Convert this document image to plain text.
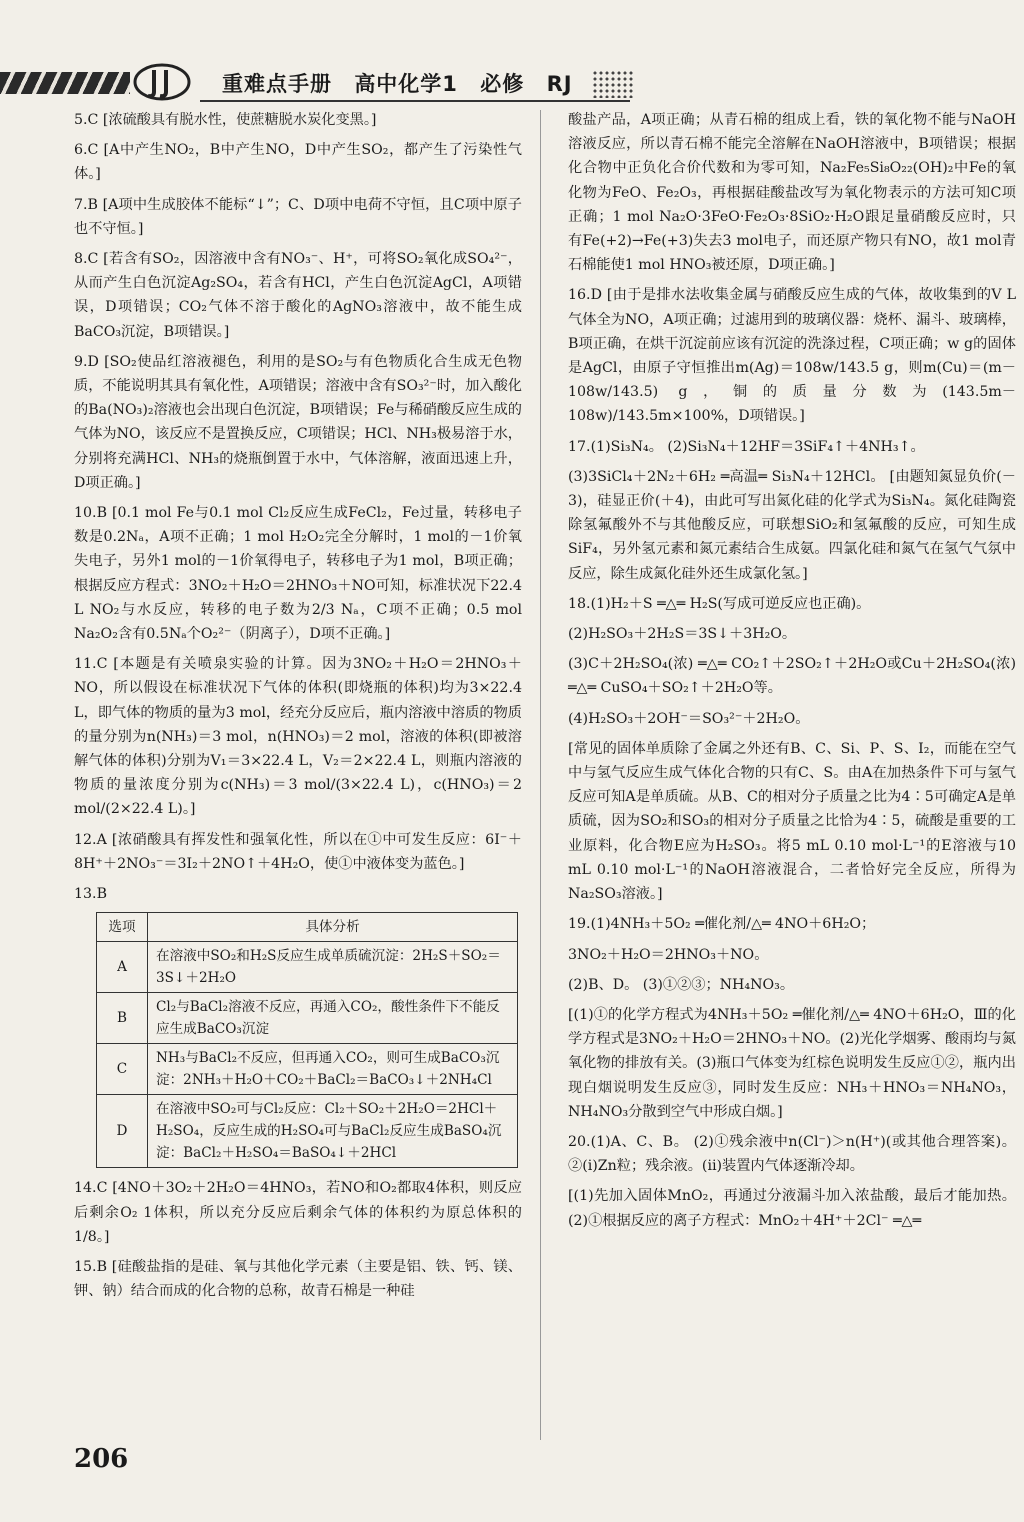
重难点手册 高中化学1 必修 RJ

5.C [浓硫酸具有脱水性，使蔗糖脱水炭化变黑。]

6.C [A中产生NO₂，B中产生NO，D中产生SO₂，都产生了污染性气体。]

7.B [A项中生成胶体不能标“↓”；C、D项中电荷不守恒，且C项中原子也不守恒。]

8.C [若含有SO₂，因溶液中含有NO₃⁻、H⁺，可将SO₂氧化成SO₄²⁻，从而产生白色沉淀Ag₂SO₄，若含有HCl，产生白色沉淀AgCl，A项错误，D项错误；CO₂气体不溶于酸化的AgNO₃溶液中，故不能生成BaCO₃沉淀，B项错误。]

9.D [SO₂使品红溶液褪色，利用的是SO₂与有色物质化合生成无色物质，不能说明其具有氧化性，A项错误；溶液中含有SO₃²⁻时，加入酸化的Ba(NO₃)₂溶液也会出现白色沉淀，B项错误；Fe与稀硝酸反应生成的气体为NO，该反应不是置换反应，C项错误；HCl、NH₃极易溶于水，分别将充满HCl、NH₃的烧瓶倒置于水中，气体溶解，液面迅速上升，D项正确。]

10.B [0.1 mol Fe与0.1 mol Cl₂反应生成FeCl₂，Fe过量，转移电子数是0.2Nₐ，A项不正确；1 mol H₂O₂完全分解时，1 mol的－1价氧失电子，另外1 mol的－1价氧得电子，转移电子为1 mol，B项正确；根据反应方程式：3NO₂＋H₂O＝2HNO₃＋NO可知，标准状况下22.4 L NO₂与水反应，转移的电子数为2/3 Nₐ，C项不正确；0.5 mol Na₂O₂含有0.5Nₐ个O₂²⁻（阴离子），D项不正确。]

11.C [本题是有关喷泉实验的计算。因为3NO₂＋H₂O＝2HNO₃＋NO，所以假设在标准状况下气体的体积(即烧瓶的体积)均为3×22.4 L，即气体的物质的量为3 mol，经充分反应后，瓶内溶液中溶质的物质的量分别为n(NH₃)＝3 mol，n(HNO₃)＝2 mol，溶液的体积(即被溶解气体的体积)分别为V₁＝3×22.4 L，V₂＝2×22.4 L，则瓶内溶液的物质的量浓度分别为c(NH₃)＝3 mol/(3×22.4 L)，c(HNO₃)＝2 mol/(2×22.4 L)。]

12.A [浓硝酸具有挥发性和强氧化性，所以在①中可发生反应：6I⁻＋8H⁺＋2NO₃⁻＝3I₂＋2NO↑＋4H₂O，使①中液体变为蓝色。]

13.B

选项	具体分析
A	在溶液中SO₂和H₂S反应生成单质硫沉淀：2H₂S＋SO₂＝3S↓＋2H₂O
B	Cl₂与BaCl₂溶液不反应，再通入CO₂，酸性条件下不能反应生成BaCO₃沉淀
C	NH₃与BaCl₂不反应，但再通入CO₂，则可生成BaCO₃沉淀：2NH₃＋H₂O＋CO₂＋BaCl₂＝BaCO₃↓＋2NH₄Cl
D	在溶液中SO₂可与Cl₂反应：Cl₂＋SO₂＋2H₂O＝2HCl＋H₂SO₄，反应生成的H₂SO₄可与BaCl₂反应生成BaSO₄沉淀：BaCl₂＋H₂SO₄＝BaSO₄↓＋2HCl

14.C [4NO＋3O₂＋2H₂O＝4HNO₃，若NO和O₂都取4体积，则反应后剩余O₂ 1体积，所以充分反应后剩余气体的体积约为原总体积的1/8。]

15.B [硅酸盐指的是硅、氧与其他化学元素（主要是铝、铁、钙、镁、钾、钠）结合而成的化合物的总称，故青石棉是一种硅

酸盐产品，A项正确；从青石棉的组成上看，铁的氧化物不能与NaOH溶液反应，所以青石棉不能完全溶解在NaOH溶液中，B项错误；根据化合物中正负化合价代数和为零可知，Na₂Fe₅Si₈O₂₂(OH)₂中Fe的氧化物为FeO、Fe₂O₃，再根据硅酸盐改写为氧化物表示的方法可知C项正确；1 mol Na₂O·3FeO·Fe₂O₃·8SiO₂·H₂O跟足量硝酸反应时，只有Fe(+2)→Fe(+3)失去3 mol电子，而还原产物只有NO，故1 mol青石棉能使1 mol HNO₃被还原，D项正确。]

16.D [由于是排水法收集金属与硝酸反应生成的气体，故收集到的V L气体全为NO，A项正确；过滤用到的玻璃仪器：烧杯、漏斗、玻璃棒，B项正确，在烘干沉淀前应该有沉淀的洗涤过程，C项正确；w g的固体是AgCl，由原子守恒推出m(Ag)＝108w/143.5 g，则m(Cu)＝(m－108w/143.5) g，铜的质量分数为(143.5m－108w)/143.5m×100%，D项错误。]

17.(1)Si₃N₄。 (2)Si₃N₄＋12HF＝3SiF₄↑＋4NH₃↑。

(3)3SiCl₄＋2N₂＋6H₂ ═高温═ Si₃N₄＋12HCl。 [由题知氮显负价(－3)，硅显正价(＋4)，由此可写出氮化硅的化学式为Si₃N₄。氮化硅陶瓷除氢氟酸外不与其他酸反应，可联想SiO₂和氢氟酸的反应，可知生成SiF₄，另外氢元素和氮元素结合生成氨。四氯化硅和氮气在氢气气氛中反应，除生成氮化硅外还生成氯化氢。]

18.(1)H₂＋S ═△═ H₂S(写成可逆反应也正确)。

(2)H₂SO₃＋2H₂S＝3S↓＋3H₂O。

(3)C＋2H₂SO₄(浓) ═△═ CO₂↑＋2SO₂↑＋2H₂O或Cu＋2H₂SO₄(浓) ═△═ CuSO₄＋SO₂↑＋2H₂O等。

(4)H₂SO₃＋2OH⁻＝SO₃²⁻＋2H₂O。

[常见的固体单质除了金属之外还有B、C、Si、P、S、I₂，而能在空气中与氢气反应生成气体化合物的只有C、S。由A在加热条件下可与氢气反应可知A是单质硫。从B、C的相对分子质量之比为4∶5可确定A是单质硫，因为SO₂和SO₃的相对分子质量之比恰为4∶5，硫酸是重要的工业原料，化合物E应为H₂SO₃。将5 mL 0.10 mol·L⁻¹的E溶液与10 mL 0.10 mol·L⁻¹的NaOH溶液混合，二者恰好完全反应，所得为Na₂SO₃溶液。]

19.(1)4NH₃＋5O₂ ═催化剂/△═ 4NO＋6H₂O；

3NO₂＋H₂O＝2HNO₃＋NO。

(2)B、D。 (3)①②③；NH₄NO₃。

[(1)①的化学方程式为4NH₃＋5O₂ ═催化剂/△═ 4NO＋6H₂O，Ⅲ的化学方程式是3NO₂＋H₂O＝2HNO₃＋NO。(2)光化学烟雾、酸雨均与氮氧化物的排放有关。(3)瓶口气体变为红棕色说明发生反应①②，瓶内出现白烟说明发生反应③，同时发生反应：NH₃＋HNO₃＝NH₄NO₃，NH₄NO₃分散到空气中形成白烟。]

20.(1)A、C、B。 (2)①残余液中n(Cl⁻)＞n(H⁺)(或其他合理答案)。 ②(ⅰ)Zn粒；残余液。(ⅱ)装置内气体逐渐冷却。

[(1)先加入固体MnO₂，再通过分液漏斗加入浓盐酸，最后才能加热。(2)①根据反应的离子方程式：MnO₂＋4H⁺＋2Cl⁻ ═△═

206
